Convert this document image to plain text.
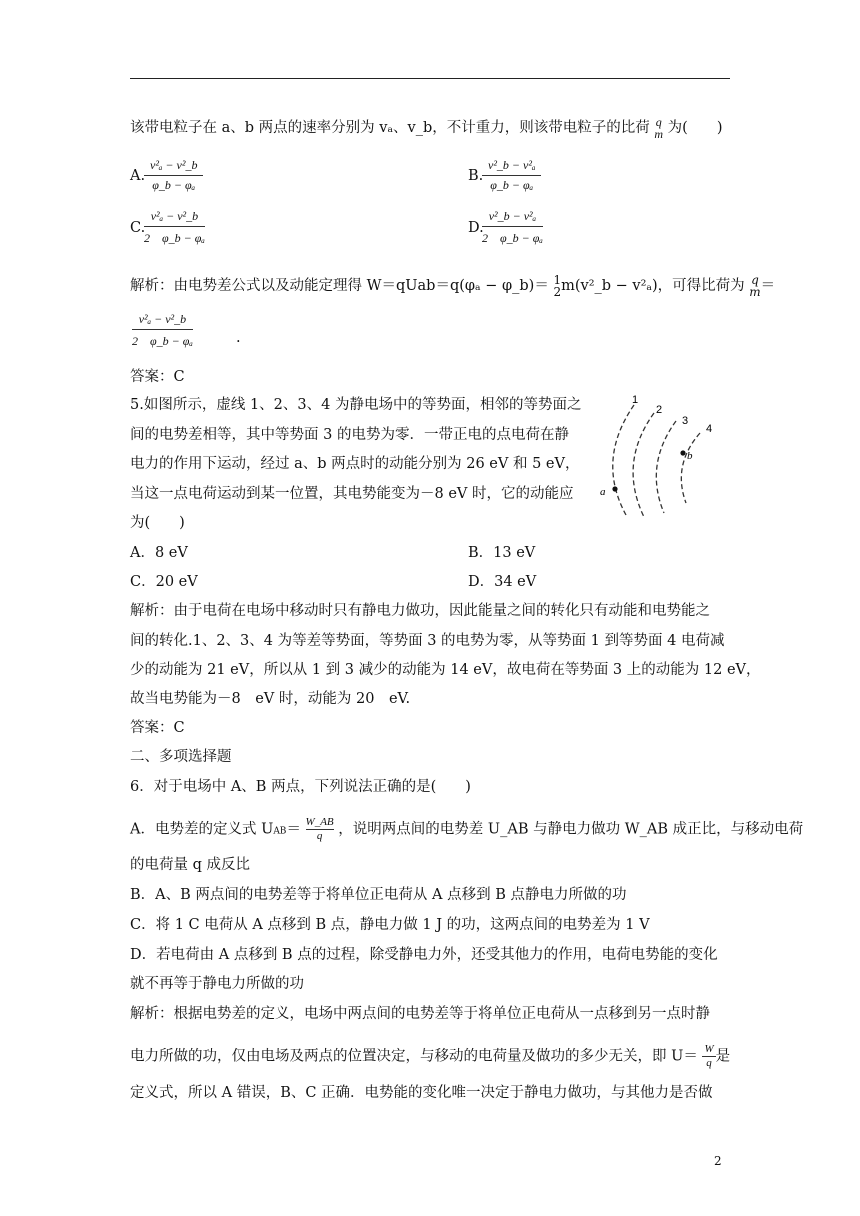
该带电粒子在 a、b 两点的速率分别为 vₐ、v_b，不计重力，则该带电粒子的比荷 q
m 为(　　)
A.
$\frac{\text{v²ₐ − v²\_b}}{\text{φ\_b − φₐ}}$	B.
$\frac{\text{v²\_b − v²ₐ}}{\text{φ\_b − φₐ}}$
C.
$\frac{\text{v²ₐ − v²\_b}}{\text{2　φ\_b − φₐ}}$	D.
$\frac{\text{v²\_b − v²ₐ}}{\text{2　φ\_b − φₐ}}$
解析：由电势差公式以及动能定理得 W＝qUab＝q(φₐ − φ_b)＝ 1
2m(v²_b − v²ₐ)，可得比荷为 q
m＝
$\frac{\text{v²ₐ − v²\_b}}{\text{2　φ\_b − φₐ}}$	.
答案：C
5.如图所示，虚线 1、2、3、4 为静电场中的等势面，相邻的等势面之
间的电势差相等，其中等势面 3 的电势为零．一带正电的点电荷在静
电力的作用下运动，经过 a、b 两点时的动能分别为 26 eV 和 5 eV，
当这一点电荷运动到某一位置，其电势能变为－8 eV 时，它的动能应
为(　　)
1
2
3
4
a
b
A．8 eV	B．13 eV
C．20 eV	D．34 eV
解析：由于电荷在电场中移动时只有静电力做功，因此能量之间的转化只有动能和电势能之
间的转化.1、2、3、4 为等差等势面，等势面 3 的电势为零，从等势面 1 到等势面 4 电荷减
少的动能为 21 eV，所以从 1 到 3 减少的动能为 14 eV，故电荷在等势面 3 上的动能为 12 eV，
故当电势能为－8　eV 时，动能为 20　eV.
答案：C
二、多项选择题
6．对于电场中 A、B 两点，下列说法正确的是(　　)
A．电势差的定义式 $UAB= \frac{W\_AB}{q}$ ，说明两点间的电势差 U_AB 与静电力做功 W_AB 成正比，与移动电荷
的电荷量 q 成反比
B．A、B 两点间的电势差等于将单位正电荷从 A 点移到 B 点静电力所做的功
C．将 1 C 电荷从 A 点移到 B 点，静电力做 1 J 的功，这两点间的电势差为 1 V
D．若电荷由 A 点移到 B 点的过程，除受静电力外，还受其他力的作用，电荷电势能的变化
就不再等于静电力所做的功
解析：根据电势差的定义，电场中两点间的电势差等于将单位正电荷从一点移到另一点时静
电力所做的功，仅由电场及两点的位置决定，与移动的电荷量及做功的多少无关，即 $U= \frac{W}{q}$是
定义式，所以 A 错误，B、C 正确．电势能的变化唯一决定于静电力做功，与其他力是否做
2
